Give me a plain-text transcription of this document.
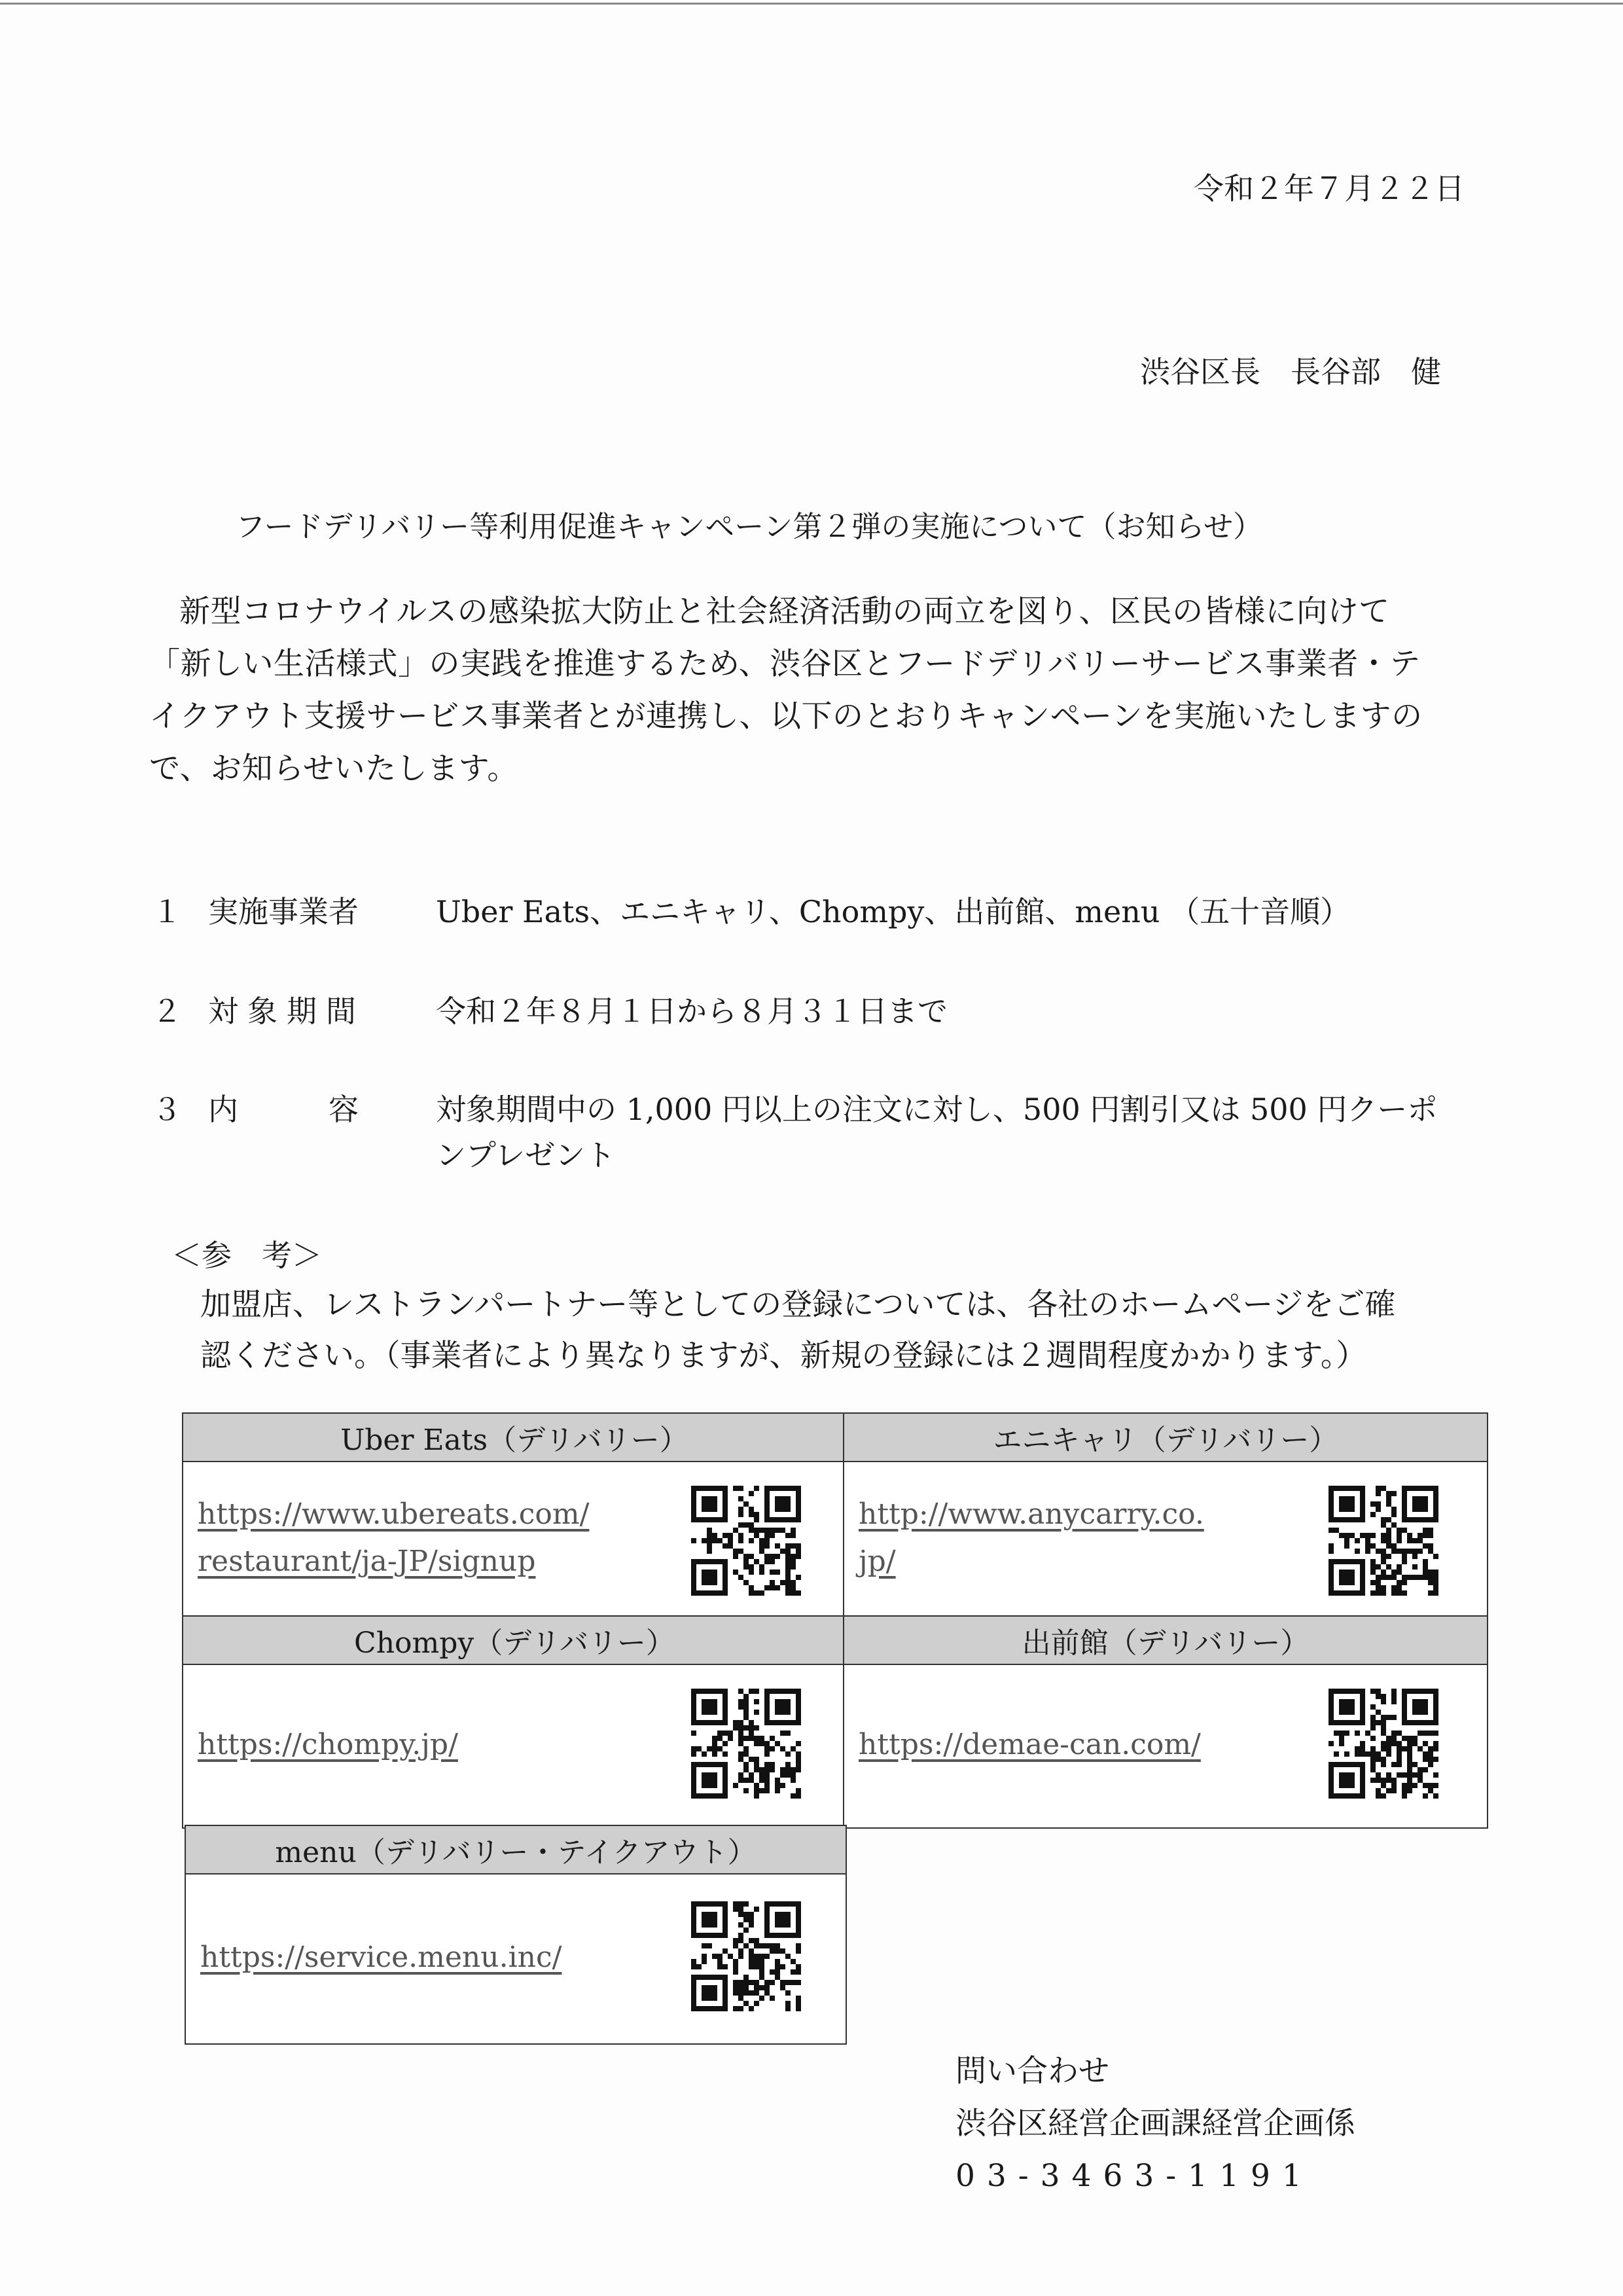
令和２年７月２２日
渋谷区長　長谷部　健
フードデリバリー等利用促進キャンペーン第２弾の実施について（お知らせ）
新型コロナウイルスの感染拡大防止と社会経済活動の両立を図り、区民の皆様に向けて
「新しい生活様式」の実践を推進するため、渋谷区とフードデリバリーサービス事業者・テ
イクアウト支援サービス事業者とが連携し、以下のとおりキャンペーンを実施いたしますの
で、お知らせいたします。
１ 実施事業者	Uber Eats、エニキャリ、Chompy、出前館、menu （五十音順）
２ 対象期間 令和２年８月１日から８月３１日まで
３ 内　　　容	対象期間中の 1,000 円以上の注文に対し、500 円割引又は 500 円クーポ
ンプレゼント
＜参　考＞
加盟店、レストランパートナー等としての登録については、各社のホームページをご確
認ください。（事業者により異なりますが、新規の登録には２週間程度かかります。）
Uber Eats（デリバリー）
https://www.ubereats.com/
restaurant/ja-JP/signup
エニキャリ（デリバリー）
http://www.anycarry.co.
jp/
Chompy（デリバリー）
https://chompy.jp/
出前館（デリバリー）
https://demae-can.com/
menu（デリバリー・テイクアウト）
https://service.menu.inc/
問い合わせ
渋谷区経営企画課経営企画係
03-3463-1191
